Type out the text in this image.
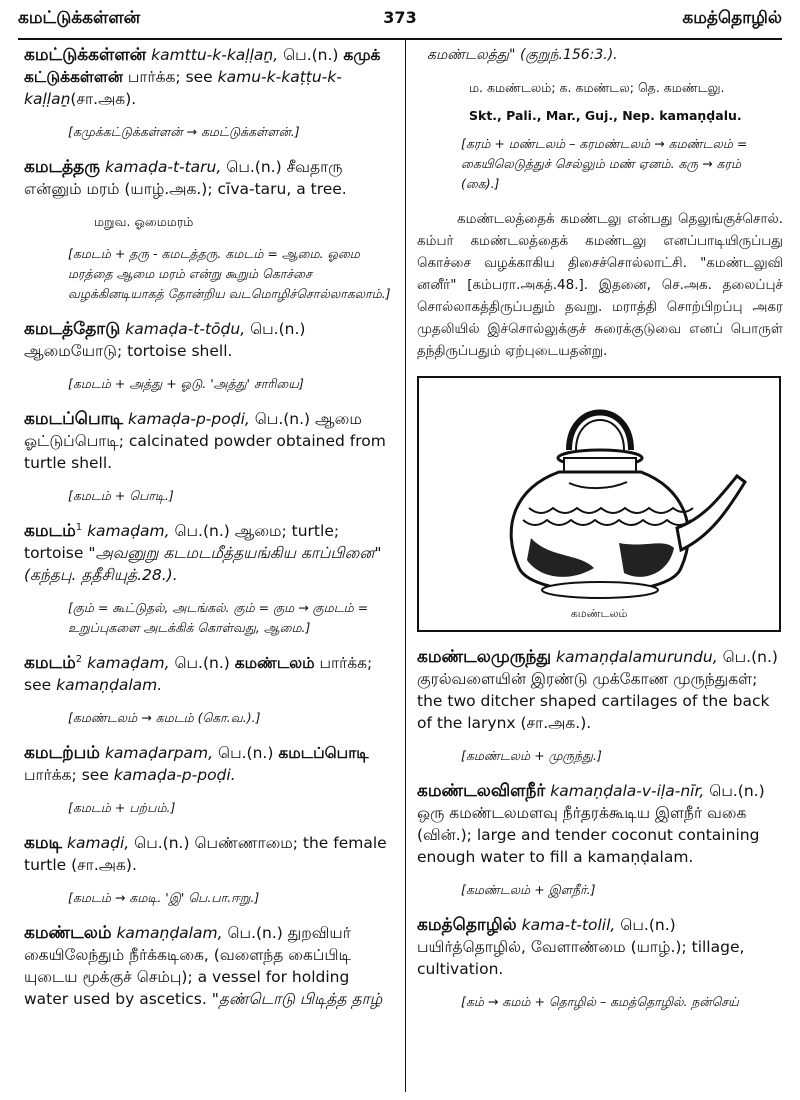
கமட்டுக்கள்ளன்	373	கமத்தொழில்

கமட்டுக்கள்ளன் kamttu-k-kaḷḷaṉ, பெ.(n.) கமுக் கட்டுக்கள்ளன் பார்க்க; see kamu-k-kaṭṭu-k-kaḷḷaṉ(சா.அக).

[கமுக்கட்டுக்கள்ளன் → கமட்டுக்கள்ளன்.]

கமடத்தரு kamaḍa-t-taru, பெ.(n.) சீவதாரு என்னும் மரம் (யாழ்.அக.); cīva-taru, a tree.

மறுவ. ஓமைமரம்

[கமடம் + தரு - கமடத்தரு. கமடம் = ஆமை. ஓமை மரத்தை ஆமை மரம் என்று கூறும் கொச்சை வழக்கினடியாகத் தோன்றிய வடமொழிச்சொல்லாகலாம்.]

கமடத்தோடு kamaḍa-t-tōḍu, பெ.(n.) ஆமையோடு; tortoise shell.

[கமடம் + அத்து + ஓடு. 'அத்து' சாரியை]

கமடப்பொடி kamaḍa-p-poḍi, பெ.(n.) ஆமை ஓட்டுப்பொடி; calcinated powder obtained from turtle shell.

[கமடம் + பொடி.]

கமடம்$^1$ kamaḍam, பெ.(n.) ஆமை; turtle; tortoise "அவனுறு கடமடமீத்தயங்கிய காப்பினை" (கந்தபு. ததீசியுத்.28.).

[கும் = கூட்டுதல், அடங்கல். கும் = கும → குமடம் = உறுப்புகளை அடக்கிக் கொள்வது, ஆமை.]

கமடம்$^2$ kamaḍam, பெ.(n.) கமண்டலம் பார்க்க; see kamaṇḍalam.

[கமண்டலம் → கமடம் (கொ.வ.).]

கமடற்பம் kamaḍarpam, பெ.(n.) கமடப்பொடி பார்க்க; see kamaḍa-p-poḍi.

[கமடம் + பற்பம்.]

கமடி kamaḍi, பெ.(n.) பெண்ணாமை; the female turtle (சா.அக).

[கமடம் → கமடி. 'இ' பெ.பா.ஈறு.]

கமண்டலம் kamaṇḍalam, பெ.(n.) துறவியர் கையிலேந்தும் நீர்க்கடிகை, (வளைந்த கைப்பிடி யுடைய மூக்குச் செம்பு); a vessel for holding water used by ascetics. "தண்டொடு பிடித்த தாழ்

கமண்டலத்து" (குறுந்.156:3.).

ம. கமண்டலம்; க. கமண்டல; தெ. கமண்டலு.

Skt., Pali., Mar., Guj., Nep. kamaṇḍalu.

[கரம் + மண்டலம் – கரமண்டலம் → கமண்டலம் = கையிலெடுத்துச் செல்லும் மண் ஏனம். கரு → கரம் (கை).]

கமண்டலத்தைக் கமண்டலு என்பது தெலுங்குச்சொல். கம்பர் கமண்டலத்தைக் கமண்டலு எனப்பாடியிருப்பது கொச்சை வழக்காகிய திசைச்சொல்லாட்சி. "கமண்டலுவி னனீர்" [கம்பரா.அகத்.48.]. இதனை, செ.அக. தலைப்புச் சொல்லாகத்திருப்பதும் தவறு. மராத்தி சொற்பிறப்பு அகர முதலியில் இச்சொல்லுக்குச் சுரைக்குடுவை எனப் பொருள் தந்திருப்பதும் ஏற்புடையதன்று.

கமண்டலம்

கமண்டலமுருந்து kamaṇḍalamurundu, பெ.(n.) குரல்வளையின் இரண்டு முக்கோண முருந்துகள்; the two ditcher shaped cartilages of the back of the larynx (சா.அக.).

[கமண்டலம் + முருந்து.]

கமண்டலவிளநீர் kamaṇḍala-v-iḷa-nīr, பெ.(n.) ஒரு கமண்டலமளவு நீர்தரக்கூடிய இளநீர் வகை (வின்.); large and tender coconut containing enough water to fill a kamaṇḍalam.

[கமண்டலம் + இளநீர்.]

கமத்தொழில் kama-t-tolil, பெ.(n.) பயிர்த்தொழில், வேளாண்மை (யாழ்.); tillage, cultivation.

[கம் → கமம் + தொழில் – கமத்தொழில். நன்செய்
